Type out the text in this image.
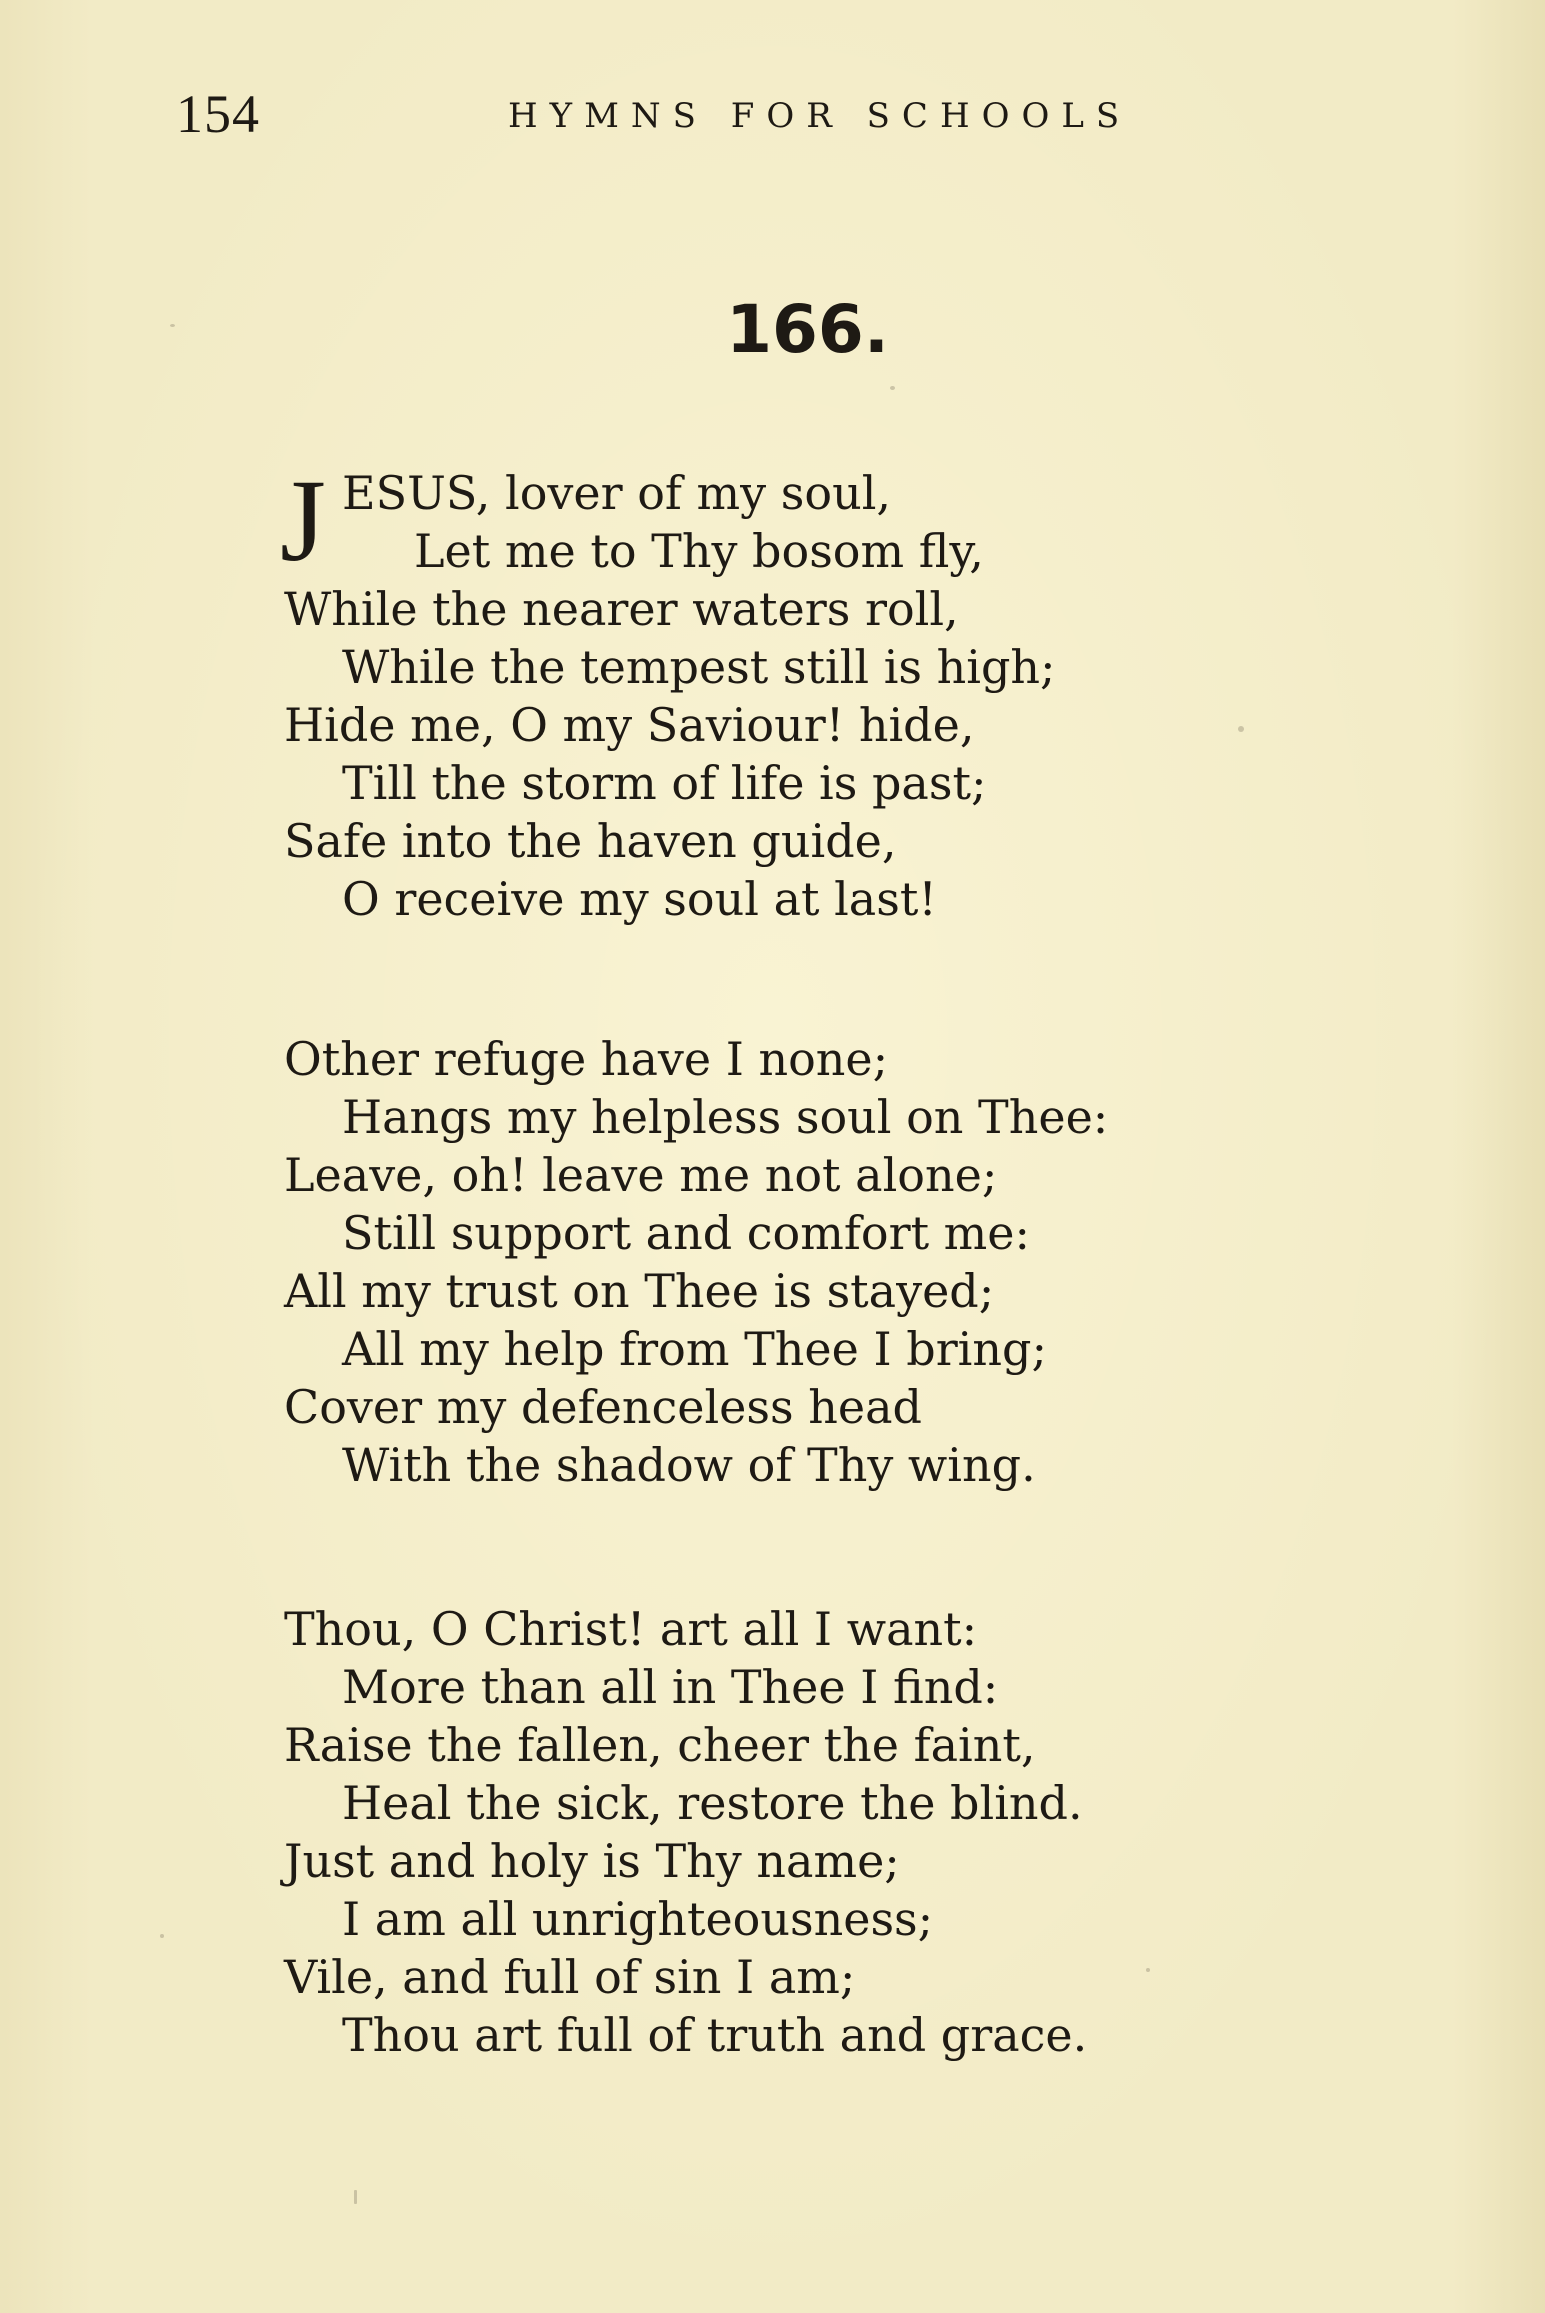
154	HYMNS FOR SCHOOLS
166.
J ESUS, lover of my soul,
Let me to Thy bosom fly,
While the nearer waters roll,
While the tempest still is high;
Hide me, O my Saviour! hide,
Till the storm of life is past;
Safe into the haven guide,
O receive my soul at last!
Other refuge have I none;
Hangs my helpless soul on Thee:
Leave, oh! leave me not alone;
Still support and comfort me:
All my trust on Thee is stayed;
All my help from Thee I bring;
Cover my defenceless head
With the shadow of Thy wing.
Thou, O Christ! art all I want:
More than all in Thee I find:
Raise the fallen, cheer the faint,
Heal the sick, restore the blind.
Just and holy is Thy name;
I am all unrighteousness;
Vile, and full of sin I am;
Thou art full of truth and grace.
